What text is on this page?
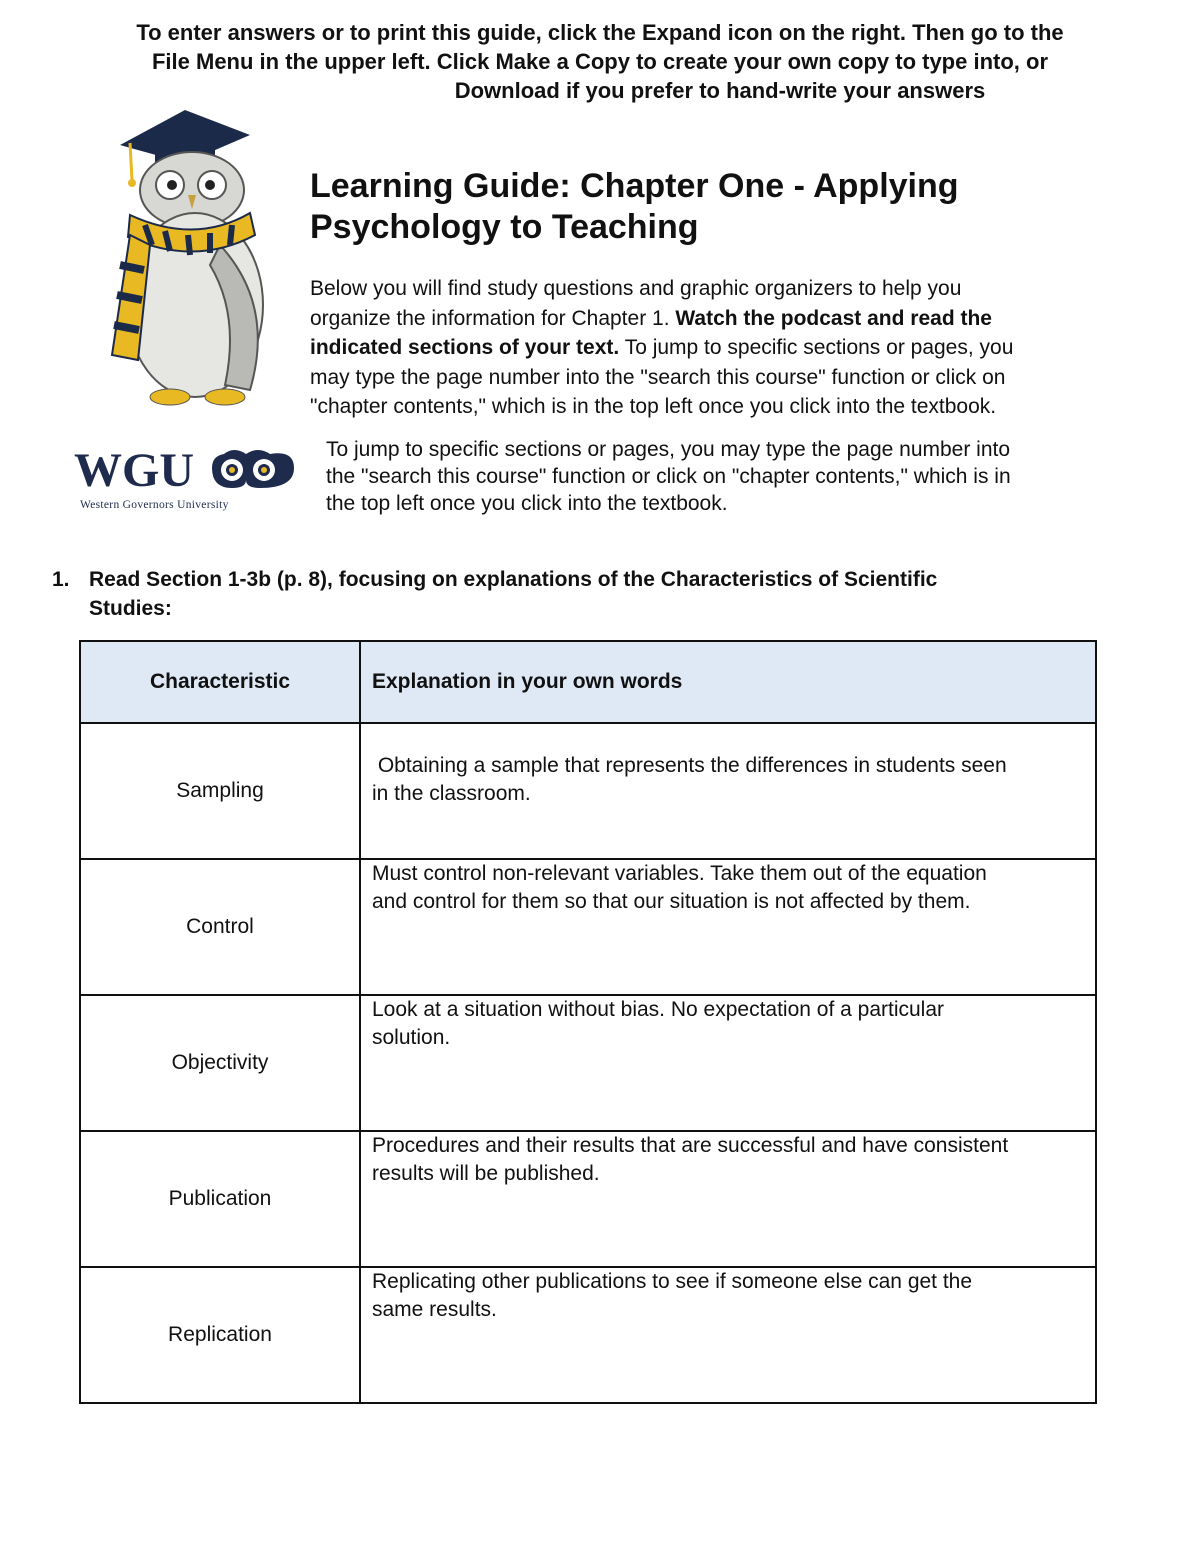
To enter answers or to print this guide, click the Expand icon on the right. Then go to the
File Menu in the upper left. Click Make a Copy to create your own copy to type into, or
Download if you prefer to hand-write your answers
WGU
Western Governors University
Learning Guide: Chapter One - Applying
Psychology to Teaching
Below you will find study questions and graphic organizers to help you
organize the information for Chapter 1. Watch the podcast and read the
indicated sections of your text. To jump to specific sections or pages, you
may type the page number into the "search this course" function or click on
"chapter contents," which is in the top left once you click into the textbook.
To jump to specific sections or pages, you may type the page number into
the "search this course" function or click on "chapter contents," which is in
the top left once you click into the textbook.
1. Read Section 1-3b (p. 8), focusing on explanations of the Characteristics of Scientific
Studies:
Characteristic	Explanation in your own words
Sampling	Obtaining a sample that represents the differences in students seen
in the classroom.

Control	Must control non-relevant variables. Take them out of the equation
and control for them so that our situation is not affected by them.

Objectivity	Look at a situation without bias. No expectation of a particular
solution.

Publication	Procedures and their results that are successful and have consistent
results will be published.

Replication	Replicating other publications to see if someone else can get the
same results.
